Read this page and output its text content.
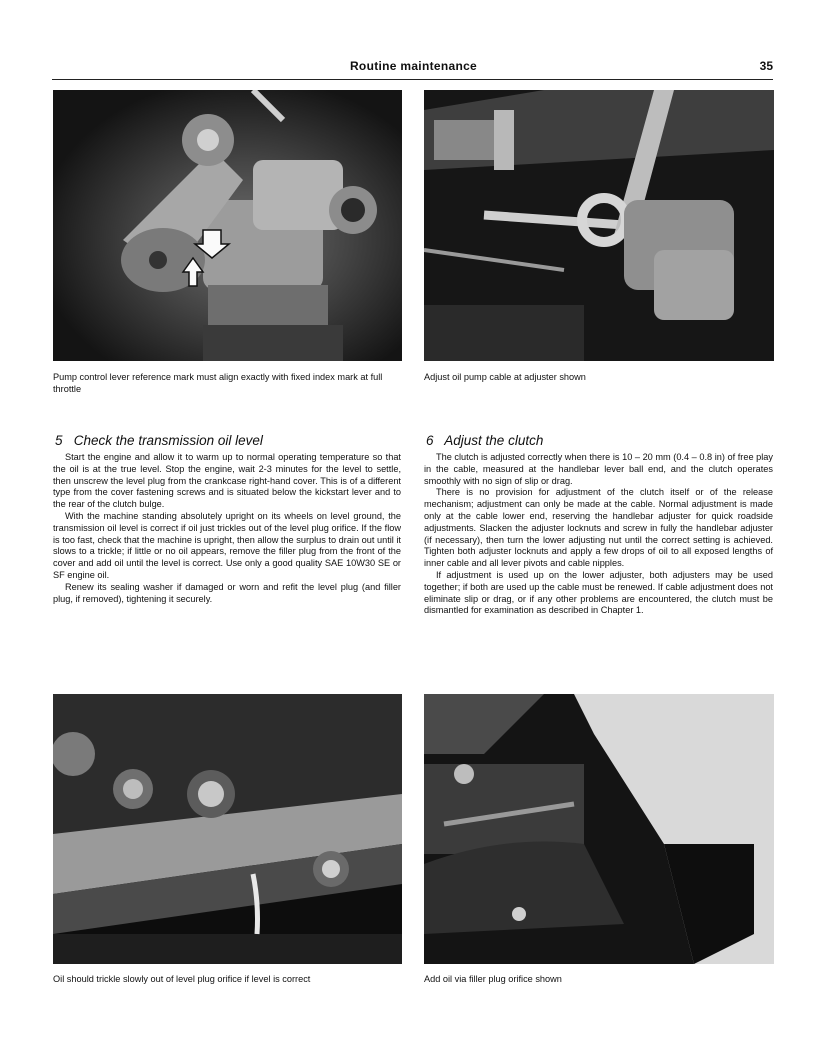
Routine maintenance	35
Pump control lever reference mark must align exactly with fixed index mark at full throttle
Adjust oil pump cable at adjuster shown
5 Check the transmission oil level

Start the engine and allow it to warm up to normal operating temperature so that the oil is at the true level. Stop the engine, wait 2-3 minutes for the level to settle, then unscrew the level plug from the crankcase right-hand cover. This is of a different type from the cover fastening screws and is situated below the kickstart lever and to the rear of the clutch bulge.

With the machine standing absolutely upright on its wheels on level ground, the transmission oil level is correct if oil just trickles out of the level plug orifice. If the flow is too fast, check that the machine is upright, then allow the surplus to drain out until it slows to a trickle; if little or no oil appears, remove the filler plug from the front of the cover and add oil until the level is correct. Use only a good quality SAE 10W30 SE or SF engine oil.

Renew its sealing washer if damaged or worn and refit the level plug (and filler plug, if removed), tightening it securely.

6 Adjust the clutch

The clutch is adjusted correctly when there is 10 – 20 mm (0.4 – 0.8 in) of free play in the cable, measured at the handlebar lever ball end, and the clutch operates smoothly with no sign of slip or drag.

There is no provision for adjustment of the clutch itself or of the release mechanism; adjustment can only be made at the cable. Normal adjustment is made only at the cable lower end, reserving the handlebar adjuster for quick roadside adjustments. Slacken the adjuster locknuts and screw in fully the handlebar adjuster (if necessary), then turn the lower adjusting nut until the correct setting is achieved. Tighten both adjuster locknuts and apply a few drops of oil to all exposed lengths of inner cable and all lever pivots and cable nipples.

If adjustment is used up on the lower adjuster, both adjusters may be used together; if both are used up the cable must be renewed. If cable adjustment does not eliminate slip or drag, or if any other problems are encountered, the clutch must be dismantled for examination as described in Chapter 1.

Oil should trickle slowly out of level plug orifice if level is correct	Add oil via filler plug orifice shown
